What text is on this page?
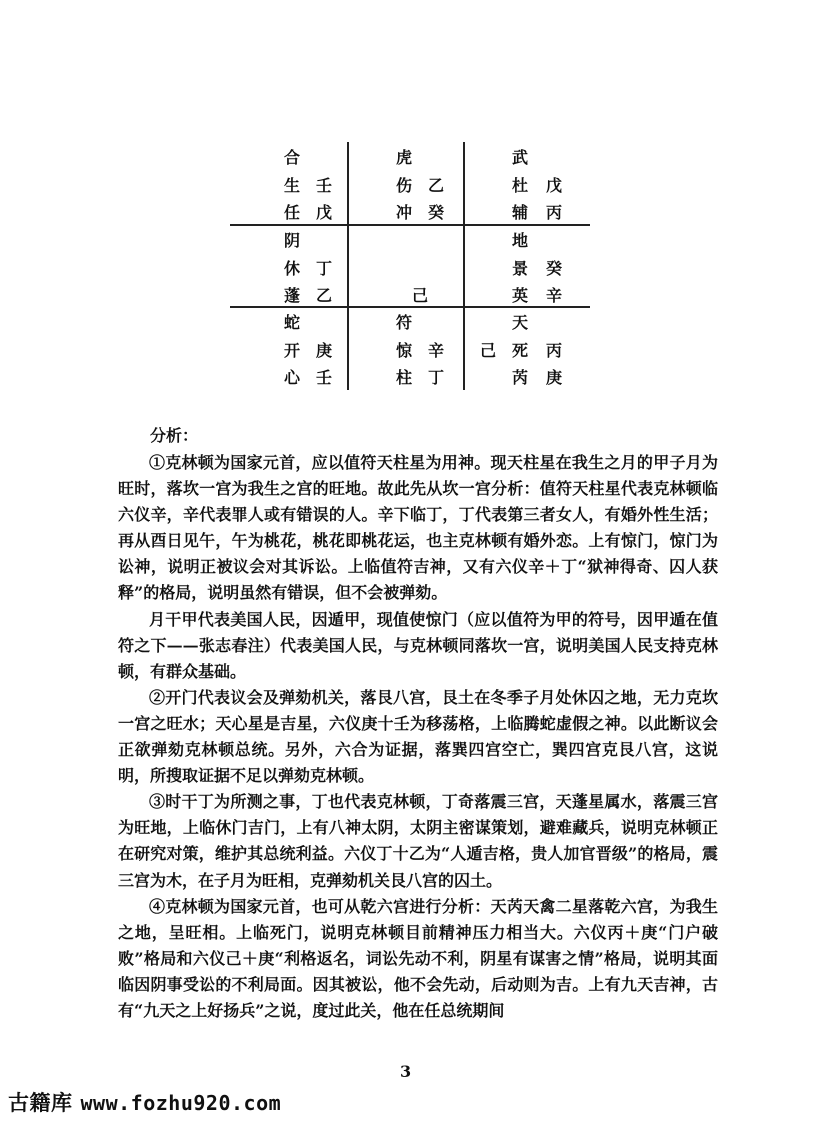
合
生 壬
任 戊
虎
伤 乙
冲 癸
武
杜 戊
辅 丙
阴
休 丁
蓬 乙	己
地
景 癸
英 辛
蛇
开 庚
心 壬
符
惊 辛
柱 丁
天
己 死 丙
芮 庚
分析：

①克林顿为国家元首，应以值符天柱星为用神。现天柱星在我生之月的甲子月为旺时，落坎一宫为我生之宫的旺地。故此先从坎一宫分析：值符天柱星代表克林顿临六仪辛，辛代表罪人或有错误的人。辛下临丁，丁代表第三者女人，有婚外性生活；再从酉日见午，午为桃花，桃花即桃花运，也主克林顿有婚外恋。上有惊门，惊门为讼神，说明正被议会对其诉讼。上临值符吉神，又有六仪辛＋丁“狱神得奇、囚人获释”的格局，说明虽然有错误，但不会被弹劾。

月干甲代表美国人民，因遁甲，现值使惊门（应以值符为甲的符号，因甲遁在值符之下——张志春注）代表美国人民，与克林顿同落坎一宫，说明美国人民支持克林顿，有群众基础。

②开门代表议会及弹劾机关，落艮八宫，艮土在冬季子月处休囚之地，无力克坎一宫之旺水；天心星是吉星，六仪庚十壬为移荡格，上临腾蛇虚假之神。以此断议会正欲弹劾克林顿总统。另外，六合为证据，落巽四宫空亡，巽四宫克艮八宫，这说明，所搜取证据不足以弹劾克林顿。

③时干丁为所测之事，丁也代表克林顿，丁奇落震三宫，天蓬星属水，落震三宫为旺地，上临休门吉门，上有八神太阴，太阴主密谋策划，避难藏兵，说明克林顿正在研究对策，维护其总统利益。六仪丁十乙为“人遁吉格，贵人加官晋级”的格局，震三宫为木，在子月为旺相，克弹劾机关艮八宫的囚土。

④克林顿为国家元首，也可从乾六宫进行分析：天芮天禽二星落乾六宫，为我生之地，呈旺相。上临死门，说明克林顿目前精神压力相当大。六仪丙＋庚“门户破败”格局和六仪己＋庚“利格返名，词讼先动不利，阴星有谋害之情”格局，说明其面临因阴事受讼的不利局面。因其被讼，他不会先动，后动则为吉。上有九天吉神，古有“九天之上好扬兵”之说，度过此关，他在任总统期间

3
古籍库 www.fozhu920.com
